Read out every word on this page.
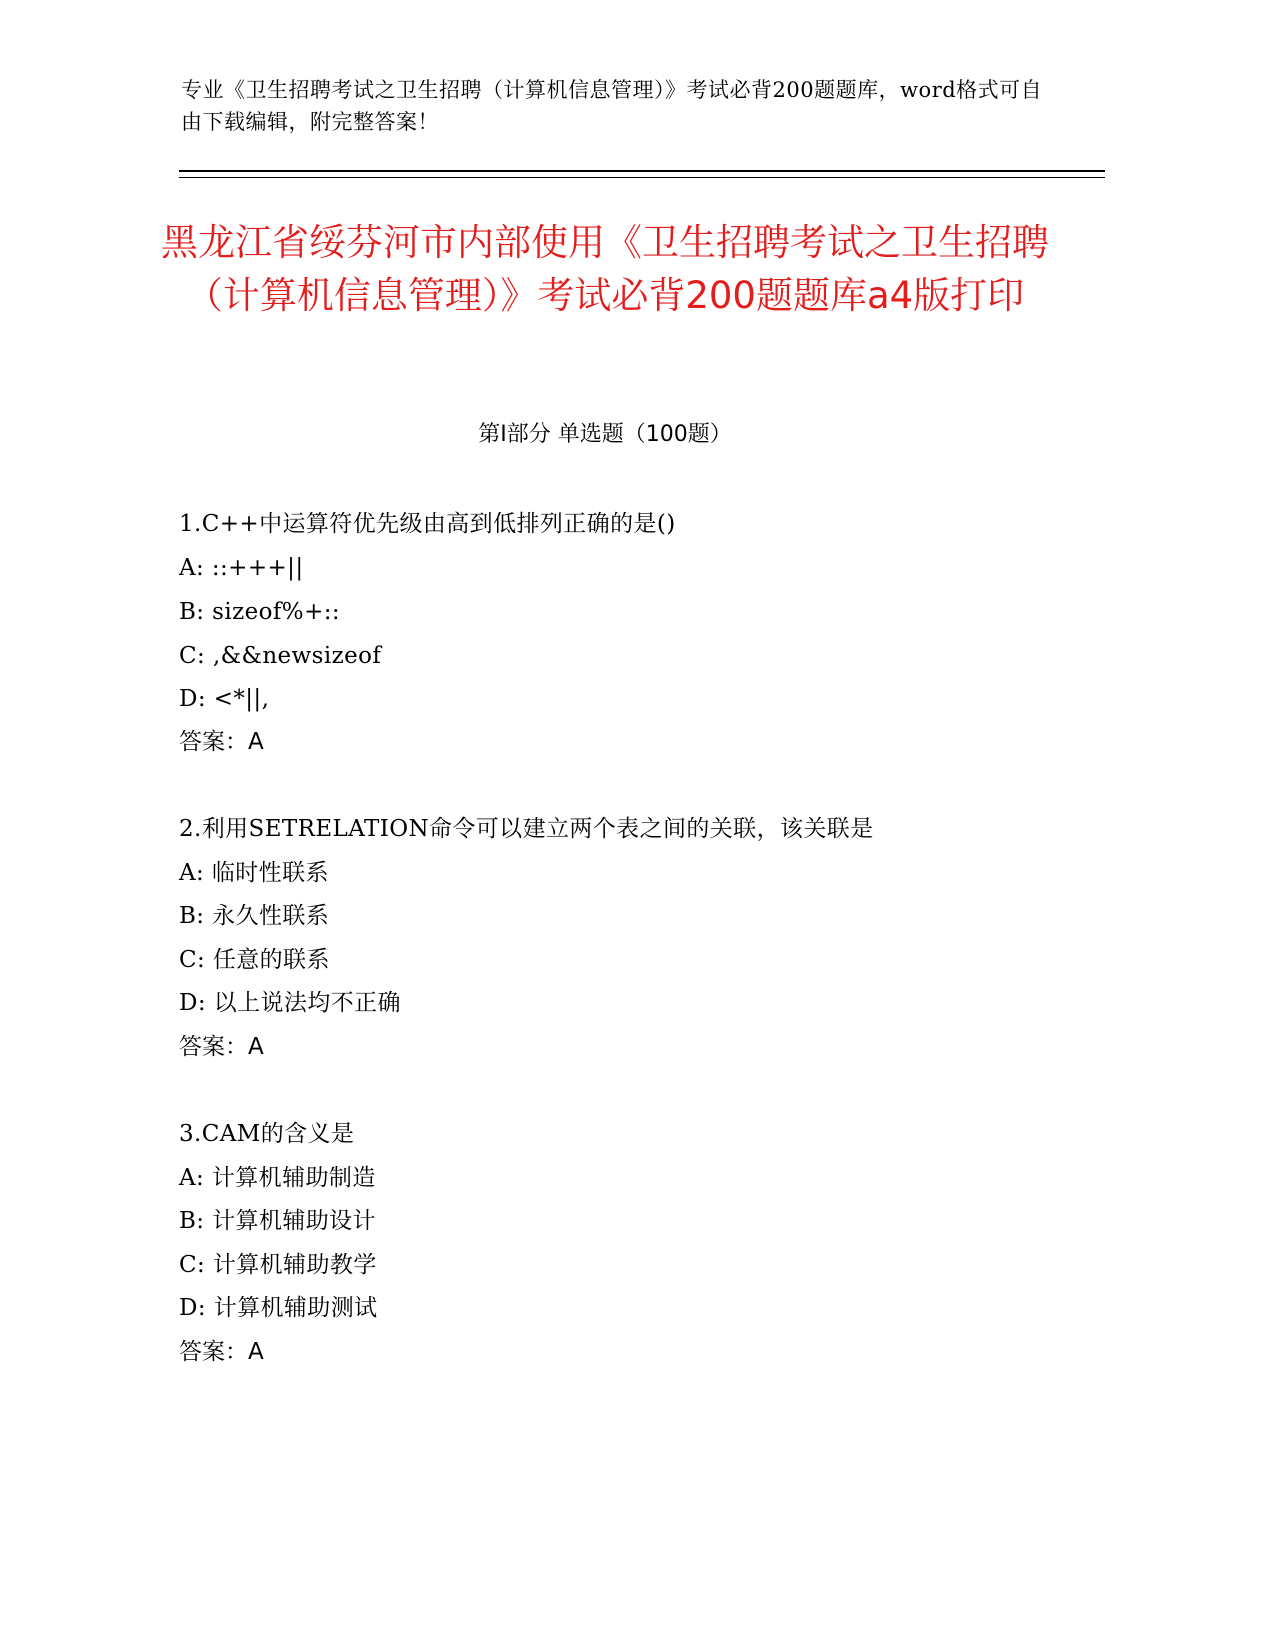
专业《卫生招聘考试之卫生招聘（计算机信息管理）》考试必背200题题库，word格式可自由下载编辑，附完整答案！
黑龙江省绥芬河市内部使用《卫生招聘考试之卫生招聘（计算机信息管理）》考试必背200题题库a4版打印
第Ⅰ部分 单选题（100题）
1.C++中运算符优先级由高到低排列正确的是()
A: ::+++||
B: sizeof%+::
C: ,&&newsizeof
D: <*||,
答案：A
2.利用SETRELATION命令可以建立两个表之间的关联，该关联是
A: 临时性联系
B: 永久性联系
C: 任意的联系
D: 以上说法均不正确
答案：A
3.CAM的含义是
A: 计算机辅助制造
B: 计算机辅助设计
C: 计算机辅助教学
D: 计算机辅助测试
答案：A
